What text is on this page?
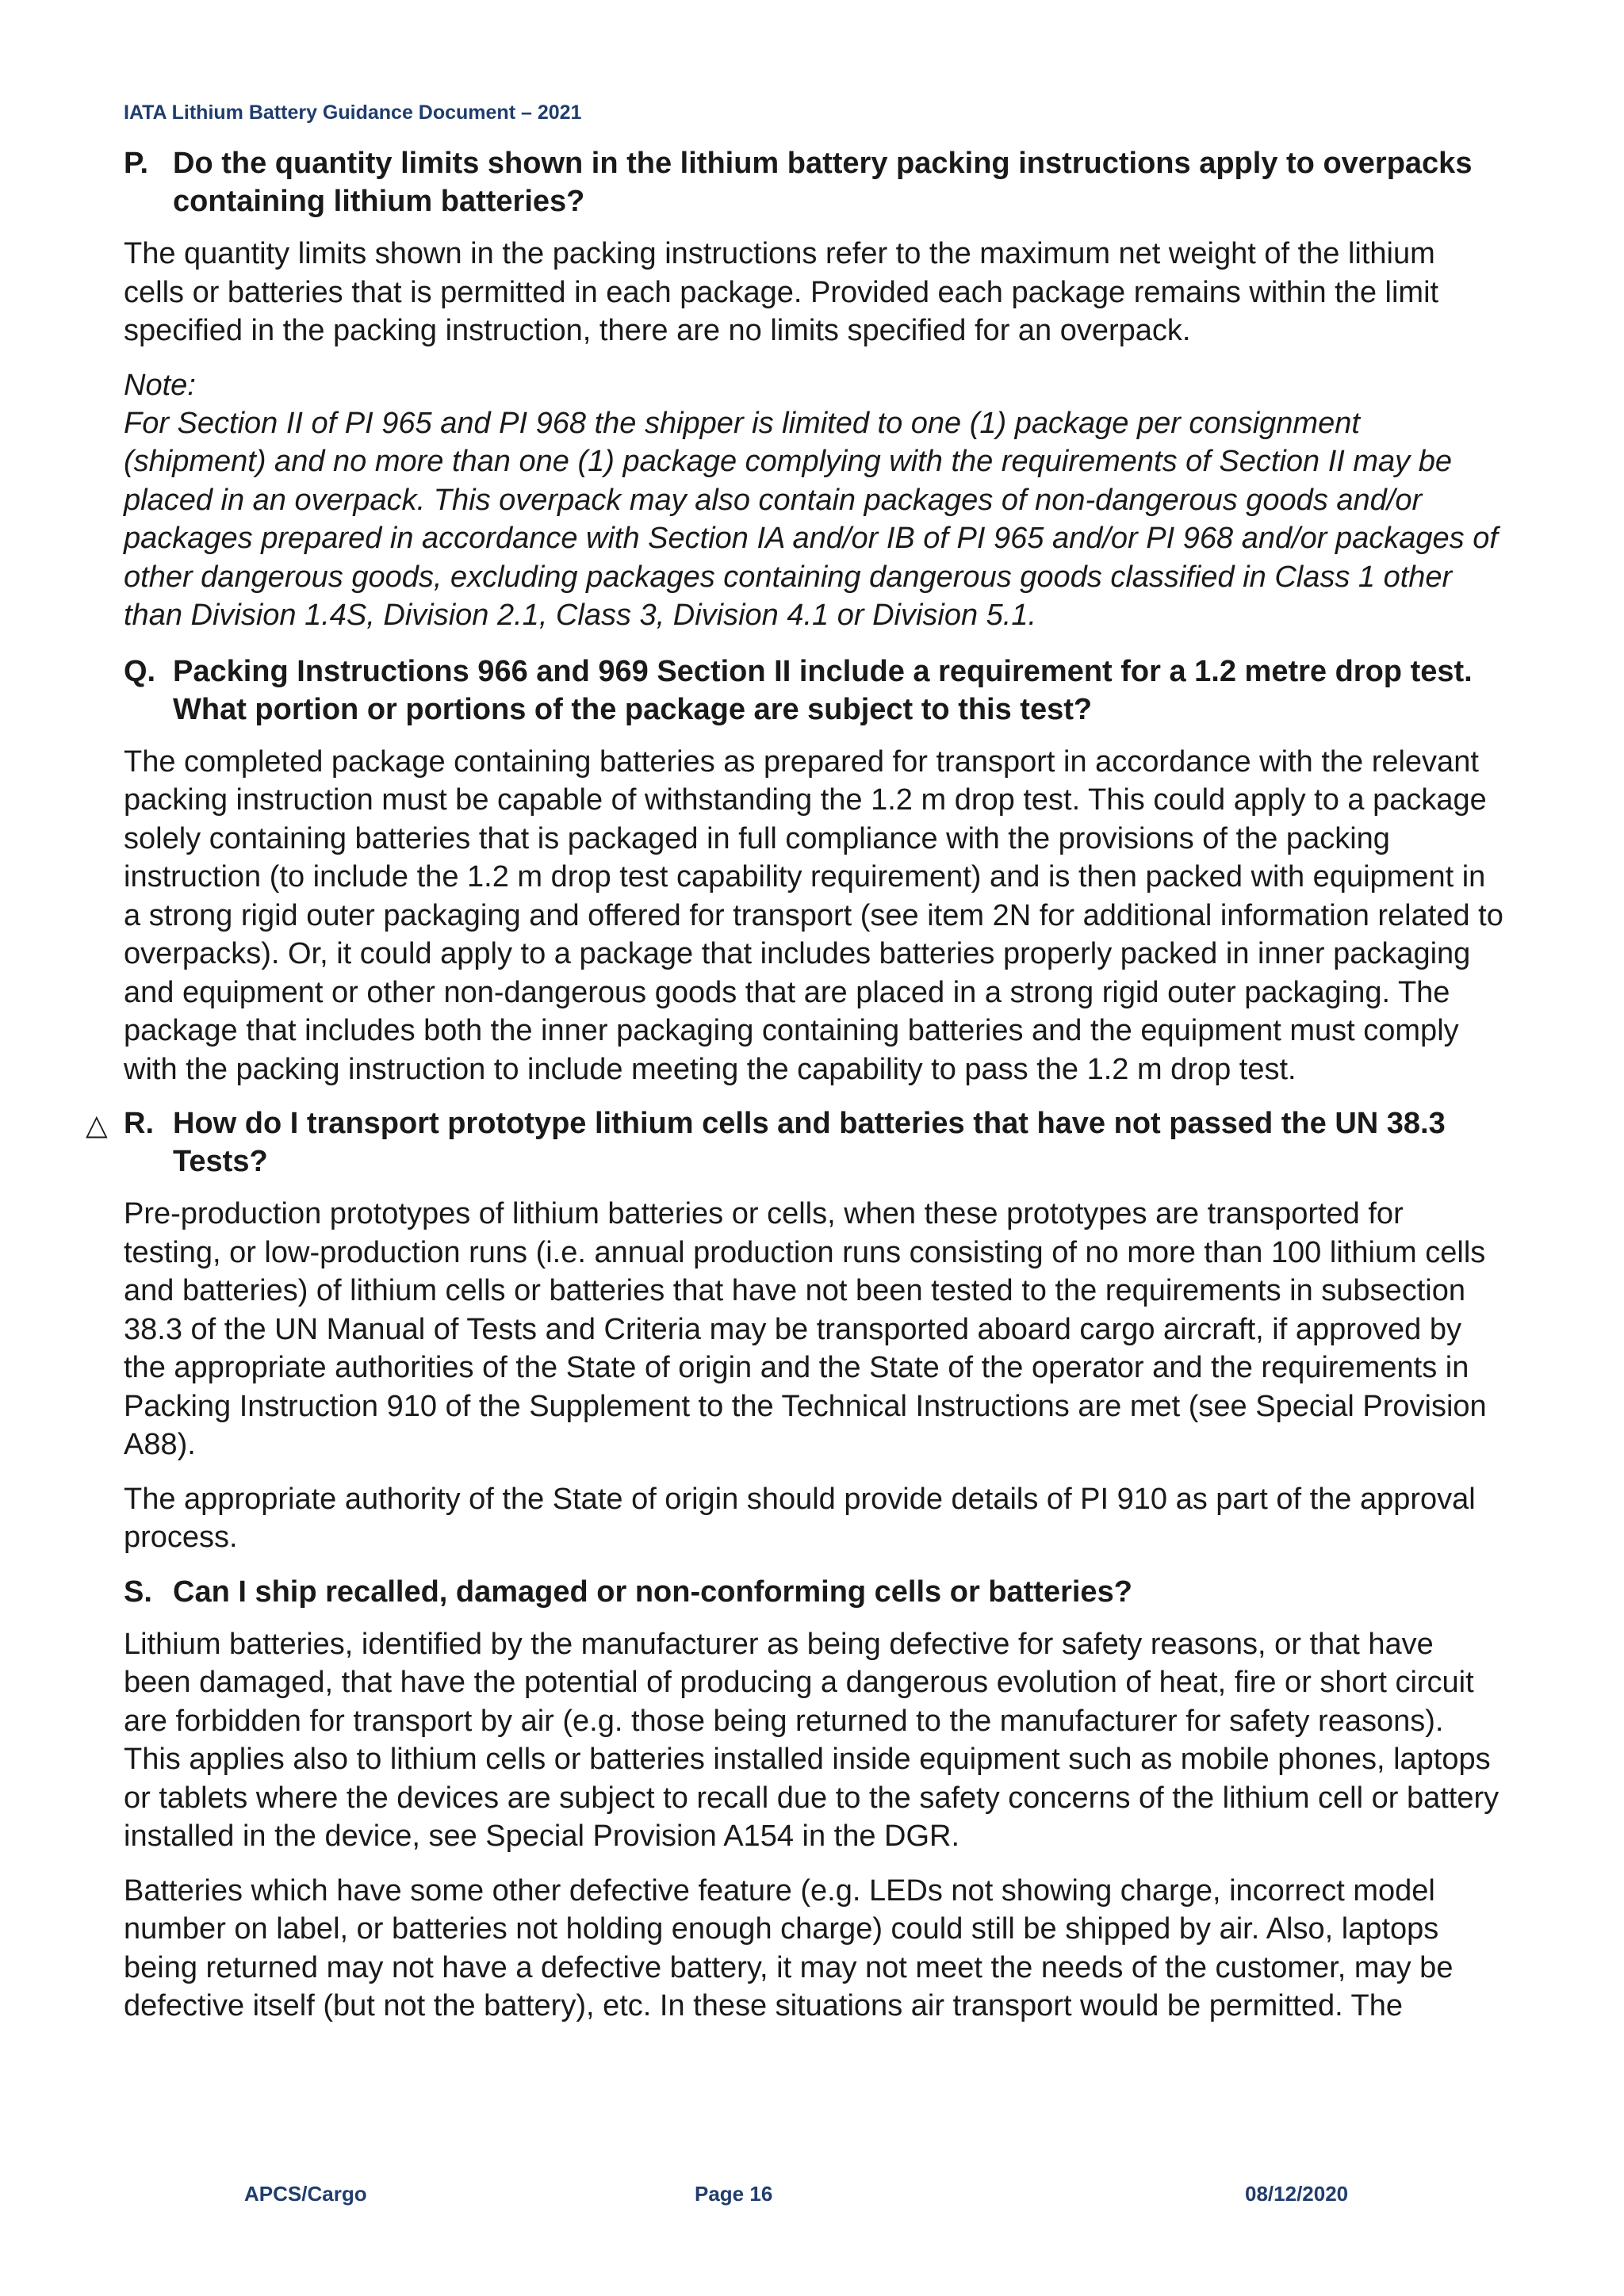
IATA Lithium Battery Guidance Document – 2021
P. Do the quantity limits shown in the lithium battery packing instructions apply to overpacks containing lithium batteries?

The quantity limits shown in the packing instructions refer to the maximum net weight of the lithium cells or batteries that is permitted in each package. Provided each package remains within the limit specified in the packing instruction, there are no limits specified for an overpack.

Note:

For Section II of PI 965 and PI 968 the shipper is limited to one (1) package per consignment (shipment) and no more than one (1) package complying with the requirements of Section II may be placed in an overpack. This overpack may also contain packages of non-dangerous goods and/or packages prepared in accordance with Section IA and/or IB of PI 965 and/or PI 968 and/or packages of other dangerous goods, excluding packages containing dangerous goods classified in Class 1 other than Division 1.4S, Division 2.1, Class 3, Division 4.1 or Division 5.1.

Q. Packing Instructions 966 and 969 Section II include a requirement for a 1.2 metre drop test. What portion or portions of the package are subject to this test?

The completed package containing batteries as prepared for transport in accordance with the relevant packing instruction must be capable of withstanding the 1.2 m drop test. This could apply to a package solely containing batteries that is packaged in full compliance with the provisions of the packing instruction (to include the 1.2 m drop test capability requirement) and is then packed with equipment in a strong rigid outer packaging and offered for transport (see item 2N for additional information related to overpacks). Or, it could apply to a package that includes batteries properly packed in inner packaging and equipment or other non-dangerous goods that are placed in a strong rigid outer packaging. The package that includes both the inner packaging containing batteries and the equipment must comply with the packing instruction to include meeting the capability to pass the 1.2 m drop test.

△ R. How do I transport prototype lithium cells and batteries that have not passed the UN 38.3 Tests?

Pre-production prototypes of lithium batteries or cells, when these prototypes are transported for testing, or low-production runs (i.e. annual production runs consisting of no more than 100 lithium cells and batteries) of lithium cells or batteries that have not been tested to the requirements in subsection 38.3 of the UN Manual of Tests and Criteria may be transported aboard cargo aircraft, if approved by the appropriate authorities of the State of origin and the State of the operator and the requirements in Packing Instruction 910 of the Supplement to the Technical Instructions are met (see Special Provision A88).

The appropriate authority of the State of origin should provide details of PI 910 as part of the approval process.

S. Can I ship recalled, damaged or non-conforming cells or batteries?

Lithium batteries, identified by the manufacturer as being defective for safety reasons, or that have been damaged, that have the potential of producing a dangerous evolution of heat, fire or short circuit are forbidden for transport by air (e.g. those being returned to the manufacturer for safety reasons). This applies also to lithium cells or batteries installed inside equipment such as mobile phones, laptops or tablets where the devices are subject to recall due to the safety concerns of the lithium cell or battery installed in the device, see Special Provision A154 in the DGR.

Batteries which have some other defective feature (e.g. LEDs not showing charge, incorrect model number on label, or batteries not holding enough charge) could still be shipped by air. Also, laptops being returned may not have a defective battery, it may not meet the needs of the customer, may be defective itself (but not the battery), etc. In these situations air transport would be permitted. The

APCS/Cargo	Page 16	08/12/2020
